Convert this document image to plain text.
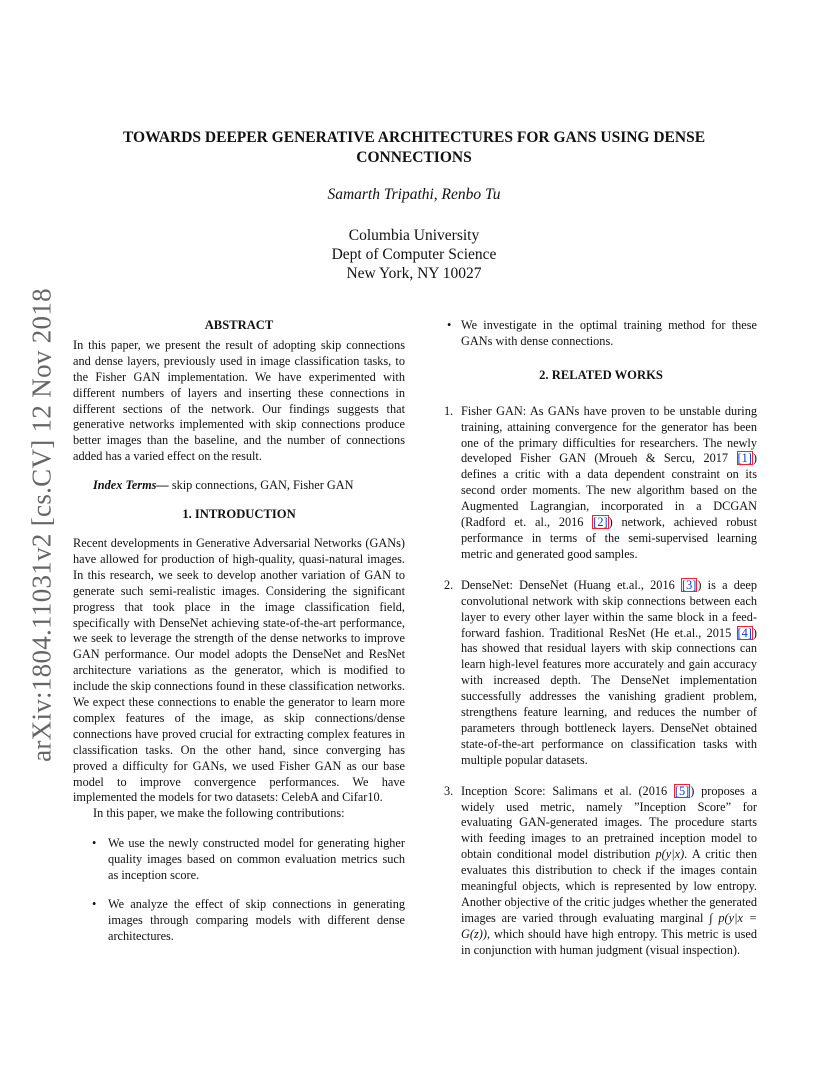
arXiv:1804.11031v2 [cs.CV] 12 Nov 2018
TOWARDS DEEPER GENERATIVE ARCHITECTURES FOR GANS USING DENSE
CONNECTIONS
Samarth Tripathi, Renbo Tu
Columbia University
Dept of Computer Science
New York, NY 10027
ABSTRACT

In this paper, we present the result of adopting skip connections and dense layers, previously used in image classification tasks, to the Fisher GAN implementation. We have experimented with different numbers of layers and inserting these connections in different sections of the network. Our findings suggests that generative networks implemented with skip connections produce better images than the baseline, and the number of connections added has a varied effect on the result.

Index Terms— skip connections, GAN, Fisher GAN

1. INTRODUCTION

Recent developments in Generative Adversarial Networks (GANs) have allowed for production of high-quality, quasi-natural images. In this research, we seek to develop another variation of GAN to generate such semi-realistic images. Considering the significant progress that took place in the image classification field, specifically with DenseNet achieving state-of-the-art performance, we seek to leverage the strength of the dense networks to improve GAN performance. Our model adopts the DenseNet and ResNet architecture variations as the generator, which is modified to include the skip connections found in these classification networks. We expect these connections to enable the generator to learn more complex features of the image, as skip connections/dense connections have proved crucial for extracting complex features in classification tasks. On the other hand, since converging has proved a difficulty for GANs, we used Fisher GAN as our base model to improve convergence performances. We have implemented the models for two datasets: CelebA and Cifar10.

In this paper, we make the following contributions:

• We use the newly constructed model for generating higher quality images based on common evaluation metrics such as inception score.
• We analyze the effect of skip connections in generating images through comparing models with different dense architectures.
• We investigate in the optimal training method for these GANs with dense connections.
2. RELATED WORKS
1. Fisher GAN: As GANs have proven to be unstable during training, attaining convergence for the generator has been one of the primary difficulties for researchers. The newly developed Fisher GAN (Mroueh & Sercu, 2017 [1]) defines a critic with a data dependent constraint on its second order moments. The new algorithm based on the Augmented Lagrangian, incorporated in a DCGAN (Radford et. al., 2016 [2]) network, achieved robust performance in terms of the semi-supervised learning metric and generated good samples.
2. DenseNet: DenseNet (Huang et.al., 2016 [3]) is a deep convolutional network with skip connections between each layer to every other layer within the same block in a feed-forward fashion. Traditional ResNet (He et.al., 2015 [4]) has showed that residual layers with skip connections can learn high-level features more accurately and gain accuracy with increased depth. The DenseNet implementation successfully addresses the vanishing gradient problem, strengthens feature learning, and reduces the number of parameters through bottleneck layers. DenseNet obtained state-of-the-art performance on classification tasks with multiple popular datasets.
3. Inception Score: Salimans et al. (2016 [5]) proposes a widely used metric, namely ”Inception Score” for evaluating GAN-generated images. The procedure starts with feeding images to an pretrained inception model to obtain conditional model distribution p(y|x). A critic then evaluates this distribution to check if the images contain meaningful objects, which is represented by low entropy. Another objective of the critic judges whether the generated images are varied through evaluating marginal ∫ p(y|x = G(z)), which should have high entropy. This metric is used in conjunction with human judgment (visual inspection).
